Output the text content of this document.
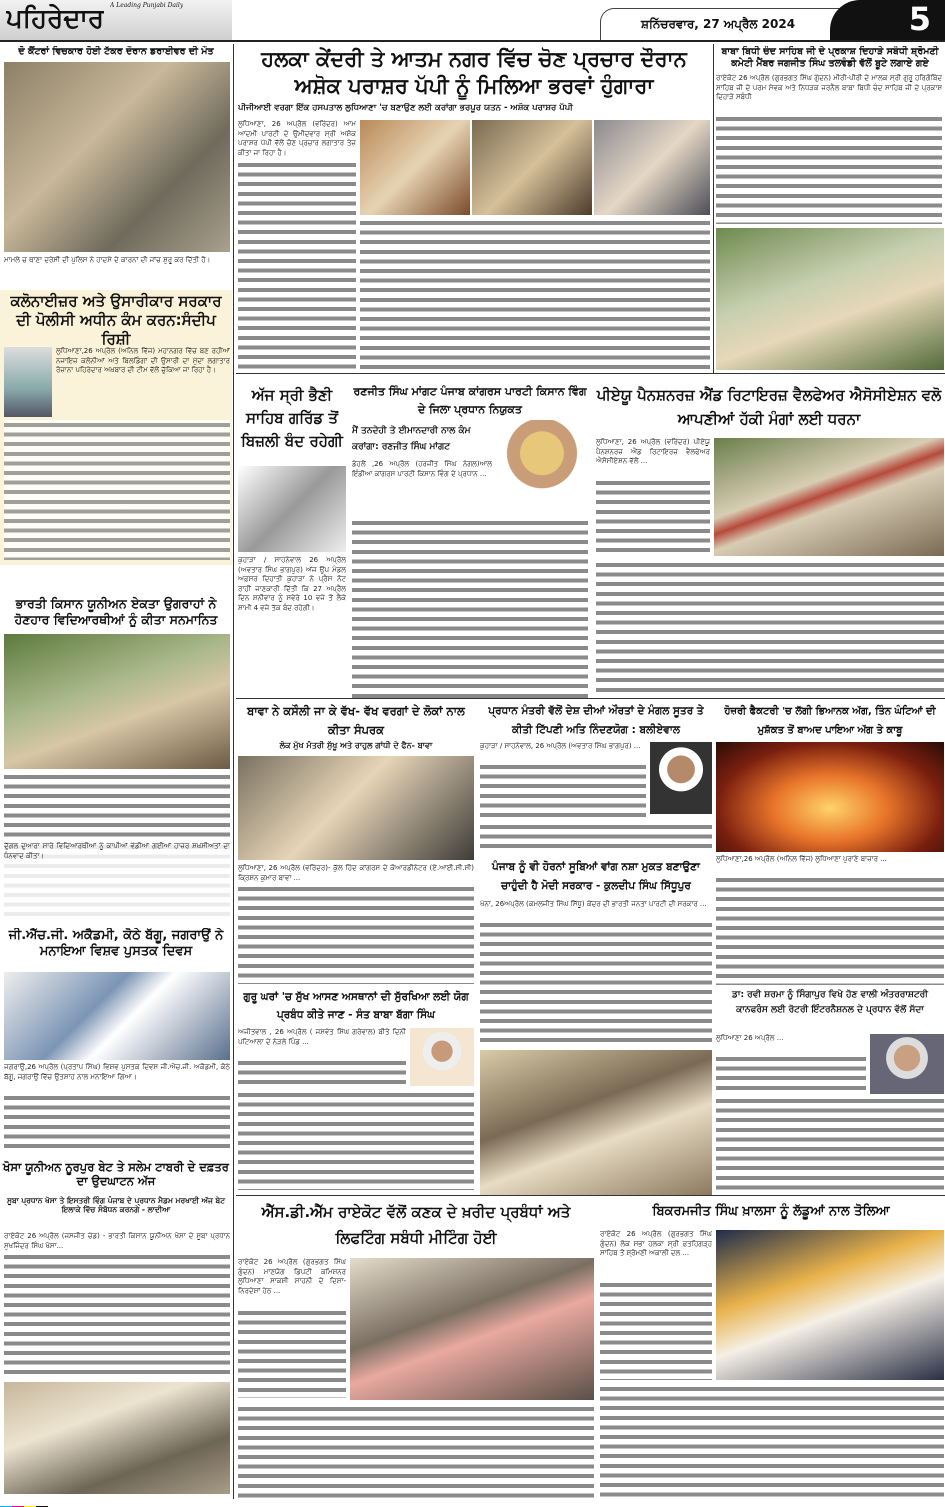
ਪਹਿਰੇਦਾਰ A Leading Punjabi Daily
ਸ਼ਨਿੱਚਰਵਾਰ, 27 ਅਪ੍ਰੈਲ 2024	5
ਦੋ ਕੈਂਟਰਾਂ ਵਿਚਕਾਰ ਹੋਈ ਟੱਕਰ ਦੌਰਾਨ ਡਰਾਈਵਰ ਦੀ ਮੌਤ
ਮਾਮਲੇ ਚ ਥਾਣਾ ਦਰੇਸੀ ਦੀ ਪੁਲਿਸ ਨੇ ਹਾਦਸੇ ਦੇ ਕਾਰਨਾਂ ਦੀ ਜਾਂਚ ਸ਼ੁਰੂ ਕਰ ਦਿੱਤੀ ਹੈ।
ਕਲੋਨਾਈਜ਼ਰ ਅਤੇ ਉਸਾਰੀਕਾਰ ਸਰਕਾਰ ਦੀ ਪੋਲੀਸੀ ਅਧੀਨ ਕੰਮ ਕਰਨ:ਸੰਦੀਪ ਰਿਸ਼ੀ
ਲੁਧਿਆਣਾ,26 ਅਪ੍ਰੈਲ (ਅਨਿਲ ਵਿੱਜ) ਮਹਾਨਗਰ ਵਿੱਚ ਬਣ ਰਹੀਆਂ ਨਜਾਇਜ਼ ਕਲੋਨੀਆਂ ਅਤੇ ਬਿਲਡਿੰਗਾਂ ਦੀ ਉਸਾਰੀ ਦਾ ਮੁੱਦਾ ਲਗਾਤਾਰ ਰੋਜ਼ਾਨਾ ਪਹਿਰੇਦਾਰ ਅਖ਼ਬਾਰ ਦੀ ਟੀਮ ਵੱਲੋਂ ਚੁੱਕਿਆ ਜਾ ਰਿਹਾ ਹੈ।
ਭਾਰਤੀ ਕਿਸਾਨ ਯੂਨੀਅਨ ਏਕਤਾ ਉਗਰਾਹਾਂ ਨੇ ਹੋਣਹਾਰ ਵਿਦਿਆਰਥੀਆਂ ਨੂੰ ਕੀਤਾ ਸਨਮਾਨਿਤ
ਦੁੱਗਲ ਦੁਆਰਾ ਸਾਰੇ ਵਿਦਿਆਰਥੀਆਂ ਨੂੰ ਕਾਪੀਆਂ ਵੰਡੀਆਂ ਗਈਆਂ ਹਾਜ਼ਰ ਸ਼ਖ਼ਸੀਅਤਾਂ ਦਾ ਧੰਨਵਾਦ ਕੀਤਾ।
ਜੀ.ਐੱਚ.ਜੀ. ਅਕੈਡਮੀ, ਕੋਠੇ ਬੱਗੂ, ਜਗਰਾਉਂ ਨੇ ਮਨਾਇਆ ਵਿਸ਼ਵ ਪੁਸਤਕ ਦਿਵਸ
ਜਗਰਾਉਂ,26 ਅਪ੍ਰੈਲ (ਪ੍ਰਤਾਪ ਸਿੰਘ) ਵਿਸ਼ਵ ਪੁਸਤਕ ਦਿਵਸ ਜੀ.ਐਚ.ਜੀ. ਅਕੈਡਮੀ, ਕੋਠੇ ਬੱਗੂ, ਜਗਰਾਉਂ ਵਿੱਚ ਉਤਸ਼ਾਹ ਨਾਲ ਮਨਾਇਆ ਗਿਆ।
ਖੋਸਾ ਯੂਨੀਅਨ ਨੂਰਪੁਰ ਬੇਟ ਤੇ ਸਲੇਮ ਟਾਬਰੀ ਦੇ ਦਫ਼ਤਰ ਦਾ ਉਦਘਾਟਨ ਅੱਜ
ਸੂਬਾ ਪ੍ਰਧਾਨ ਖੋਸਾ ਤੇ ਇਸਤਰੀ ਵਿੰਗ ਪੰਜਾਬ ਦੇ ਪ੍ਰਧਾਨ ਮੈਡਮ ਮਰਖਾਈ ਅੱਜ ਬੇਟ ਇਲਾਕੇ ਵਿੱਚ ਸੰਬੋਧਨ ਕਰਨਗੇ - ਲਾਦੀਆ
ਰਾਏਕੋਟ 26 ਅਪ੍ਰੈਲ (ਜਸਜੀਤ ਚੰਡ) - ਭਾਰਤੀ ਕਿਸਾਨ ਯੂਨੀਅਨ ਖੋਸਾ ਦੇ ਸੂਬਾ ਪ੍ਰਧਾਨ ਸੁਖਜਿੰਦਰ ਸਿੰਘ ਖੋਸਾ...
ਹਲਕਾ ਕੇਂਦਰੀ ਤੇ ਆਤਮ ਨਗਰ ਵਿੱਚ ਚੋਣ ਪ੍ਰਚਾਰ ਦੌਰਾਨ ਅਸ਼ੋਕ ਪਰਾਸ਼ਰ ਪੱਪੀ ਨੂੰ ਮਿਲਿਆ ਭਰਵਾਂ ਹੁੰਗਾਰਾ
ਪੀਜੀਆਈ ਵਰਗਾ ਇੱਕ ਹਸਪਤਾਲ ਲੁਧਿਆਣਾ 'ਚ ਬਣਾਉਣ ਲਈ ਕਰਾਂਗਾ ਭਰਪੂਰ ਯਤਨ - ਅਸ਼ੋਕ ਪਰਾਸ਼ਰ ਪੱਪੀ
ਲੁਧਿਆਣਾ, 26 ਅਪ੍ਰੈਲ (ਵਰਿੰਦਰ) ਆਮ ਆਦਮੀ ਪਾਰਟੀ ਦੇ ਉਮੀਦਵਾਰ ਸ੍ਰੀ ਅਸ਼ੋਕ ਪਰਾਸ਼ਰ ਪੱਪੀ ਵੱਲੋਂ ਚੋਣ ਪ੍ਰਚਾਰ ਲਗਾਤਾਰ ਤੇਜ਼ ਕੀਤਾ ਜਾ ਰਿਹਾ ਹੈ।
ਬਾਬਾ ਬਿਧੀ ਚੰਦ ਸਾਹਿਬ ਜੀ ਦੇ ਪ੍ਰਕਾਸ਼ ਦਿਹਾੜੇ ਸਬੰਧੀ ਸ਼੍ਰੋਮਣੀ ਕਮੇਟੀ ਮੈਂਬਰ ਜਗਜੀਤ ਸਿੰਘ ਤਲਵੰਡੀ ਵੱਲੋਂ ਬੂਟੇ ਲਗਾਏ ਗਏ
ਰਾਏਕੋਟ 26 ਅਪ੍ਰੈਲ (ਗੁਰਭਗਤ ਸਿੰਘ ਗੁੰਦਨ) ਮੀਰੀ-ਪੀਰੀ ਦੇ ਮਾਲਕ ਸ੍ਰੀ ਗੁਰੂ ਹਰਿਗੋਬਿੰਦ ਸਾਹਿਬ ਜੀ ਦੇ ਪਰਮ ਸੇਵਕ ਅਤੇ ਨਿਧੜਕ ਜਰਨੈਲ ਬਾਬਾ ਬਿਧੀ ਚੰਦ ਸਾਹਿਬ ਜੀ ਦੇ ਪ੍ਰਕਾਸ਼ ਦਿਹਾੜੇ ਸਬੰਧੀ
ਅੱਜ ਸ੍ਰੀ ਭੈਣੀ ਸਾਹਿਬ ਗਰਿੱਡ ਤੋਂ ਬਿਜ਼ਲੀ ਬੰਦ ਰਹੇਗੀ
ਕੁਹਾੜਾ / ਸਾਹਨੇਵਾਲ 26 ਅਪ੍ਰੈਲ (ਅਵਤਾਰ ਸਿੰਘ ਭਾਗਪੁਰ) ਅੱਜ ਉਪ ਮੰਡਲ ਅਫ਼ਸਰ ਦਿਹਾਤੀ ਕੁਹਾੜਾ ਨੇ ਪ੍ਰੈਸ ਨੋਟ ਰਾਹੀਂ ਜਾਣਕਾਰੀ ਦਿੱਤੀ ਕਿ 27 ਅਪ੍ਰੈਲ ਦਿਨ ਸ਼ਨੀਵਾਰ ਨੂੰ ਸਵੇਰੇ 10 ਵਜੇ ਤੋਂ ਲੈਕੇ ਸ਼ਾਮੀ 4 ਵਜੇ ਤੱਕ ਬੰਦ ਰਹੇਗੀ।
ਰਣਜੀਤ ਸਿੰਘ ਮਾਂਗਟ ਪੰਜਾਬ ਕਾਂਗਰਸ ਪਾਰਟੀ ਕਿਸਾਨ ਵਿੰਗ ਦੇ ਜਿਲਾ ਪ੍ਰਧਾਨ ਨਿਯੁਕਤ
ਮੈਂ ਤਨਦੇਹੀ ਤੇ ਈਮਾਨਦਾਰੀ ਨਾਲ ਕੰਮ ਕਰਾਂਗਾ: ਰਣਜੀਤ ਸਿੰਘ ਮਾਂਗਟ
ਡੇਹਲੋਂ ,26 ਅਪ੍ਰੈਲ (ਹਰਜੀਤ ਸਿੰਘ ਨੰਗਲ)ਆਲ ਇੰਡੀਆ ਕਾਂਗਰਸ ਪਾਰਟੀ ਕਿਸਾਨ ਵਿੰਗ ਦੇ ਪ੍ਰਧਾਨ ...
ਪੀਏਯੂ ਪੈਨਸ਼ਨਰਜ਼ ਐਂਡ ਰਿਟਾਇਰਜ਼ ਵੈਲਫੇਅਰ ਐਸੋਸੀਏਸ਼ਨ ਵਲੋ ਆਪਣੀਆਂ ਹੱਕੀ ਮੰਗਾਂ ਲਈ ਧਰਨਾ
ਲੁਧਿਆਣਾ, 26 ਅਪ੍ਰੈਲ (ਵਰਿੰਦਰ) ਪੀਏਯੂ ਪੈਨਸ਼ਨਰਜ਼ ਐਂਡ ਰਿਟਾਇਰਜ਼ ਵੈਲਫੇਅਰ ਐਸੋਸੀਏਸ਼ਨ ਵੱਲੋਂ ...
ਬਾਵਾ ਨੇ ਕਸੌਲੀ ਜਾ ਕੇ ਵੱਖ- ਵੱਖ ਵਰਗਾਂ ਦੇ ਲੋਕਾਂ ਨਾਲ ਕੀਤਾ ਸੰਪਰਕ
ਲੋਕ ਮੁੱਖ ਮੰਤਰੀ ਸੁੱਖੂ ਅਤੇ ਰਾਹੁਲ ਗਾਂਧੀ ਦੇ ਫੈਨ- ਬਾਵਾ
ਲੁਧਿਆਣਾ, 26 ਅਪ੍ਰੈਲ (ਵਰਿੰਦਰ)- ਕੁੱਲ ਹਿੰਦ ਕਾਂਗਰਸ ਦੇ ਕੋਆਰਡੀਨੇਟਰ (ਏ.ਆਈ.ਸੀ.ਸੀ) ਕ੍ਰਿਸ਼ਨ ਕੁਮਾਰ ਬਾਵਾ ...
ਗੁਰੂ ਘਰਾਂ 'ਚ ਸੁੱਖ ਆਸਣ ਅਸਥਾਨਾਂ ਦੀ ਸੁੱਰਖਿਆ ਲਈ ਯੋਗ ਪ੍ਰਬੰਧ ਕੀਤੇ ਜਾਣ - ਸੰਤ ਬਾਬਾ ਬੱਗਾ ਸਿੰਘ
ਅਜੀਤਵਾਲ , 26 ਅਪ੍ਰੈਲ ( ਜਸਵੰਤ ਸਿੰਘ ਗਰੇਵਾਲ) ਬੀਤੇ ਦਿਨੀ ਪਟਿਆਲਾ ਦੇ ਨੇੜਲੇ ਪਿੰਡ ...
ਪ੍ਰਧਾਨ ਮੰਤਰੀ ਵੱਲੋਂ ਦੇਸ਼ ਦੀਆਂ ਔਰਤਾਂ ਦੇ ਮੰਗਲ ਸੂਤਰ ਤੇ ਕੀਤੀ ਟਿੱਪਣੀ ਅਤਿ ਨਿੰਦਣਯੋਗ : ਬਲੀਏਵਾਲ
ਕੁਹਾੜਾ / ਸਾਹਨੇਵਾਲ, 26 ਅਪ੍ਰੈਲ (ਅਵਤਾਰ ਸਿੰਘ ਭਾਗਪੁਰ) ...
ਪੰਜਾਬ ਨੂੰ ਵੀ ਹੋਰਨਾਂ ਸੂਬਿਆਂ ਵਾਂਗ ਨਸ਼ਾ ਮੁਕਤ ਬਣਾਉਣਾ ਚਾਹੁੰਦੀ ਹੈ ਮੋਦੀ ਸਰਕਾਰ - ਕੁਲਦੀਪ ਸਿੰਘ ਸਿੱਧੂਪੁਰ
ਖੰਨਾ, 26ਅਪ੍ਰੈਲ (ਕਮਲਜੀਤ ਸਿੰਘ ਸਿੱਧੂ) ਕੇਂਦਰ ਦੀ ਭਾਰਤੀ ਜਨਤਾ ਪਾਰਟੀ ਦੀ ਸਰਕਾਰ ...
ਹੋਜ਼ਰੀ ਫੈਕਟਰੀ 'ਚ ਲੱਗੀ ਭਿਆਨਕ ਅੱਗ, ਤਿੰਨ ਘੰਟਿਆਂ ਦੀ ਮੁਸ਼ੱਕਤ ਤੋਂ ਬਾਅਦ ਪਾਇਆ ਅੱਗ ਤੇ ਕਾਬੂ
ਲੁਧਿਆਣਾ,26 ਅਪ੍ਰੈਲ (ਅਨਿਲ ਵਿੱਜ) ਲੁਧਿਆਣਾ ਪੁਰਾਣੇ ਬਾਜ਼ਾਰ ...
ਡਾ: ਰਵੀ ਸ਼ਰਮਾ ਨੂੰ ਸਿੰਗਾਪੁਰ ਵਿਖੇ ਹੋਣ ਵਾਲੀ ਅੰਤਰਰਾਸ਼ਟਰੀ ਕਾਨਫਰੰਸ ਲਈ ਰੋਟਰੀ ਇੰਟਰਨੈਸ਼ਨਲ ਦੇ ਪ੍ਰਧਾਨ ਵੱਲੋਂ ਸੱਦਾ
ਲੁਧਿਆਣਾ 26 ਅਪ੍ਰੈਲ ...
ਐੱਸ.ਡੀ.ਐੱਮ ਰਾਏਕੋਟ ਵੱਲੋਂ ਕਣਕ ਦੇ ਖ਼ਰੀਦ ਪ੍ਰਬੰਧਾਂ ਅਤੇ ਲਿਫਟਿੰਗ ਸਬੰਧੀ ਮੀਟਿੰਗ ਹੋਈ
ਰਾਏਕੋਟ 26 ਅਪ੍ਰੈਲ (ਗੁਰਭਗਤ ਸਿੰਘ ਗੁੰਦਨ) ਮਾਣਯੋਗ ਡਿਪਟੀ ਕਮਿਸ਼ਨਰ ਲੁਧਿਆਣਾ ਸਾਕਸ਼ੀ ਸਾਹਨੀ ਦੇ ਦਿਸ਼ਾ-ਨਿਰਦੇਸ਼ਾਂ ਹੇਠ ...
ਬਿਕਰਮਜੀਤ ਸਿੰਘ ਖ਼ਾਲਸਾ ਨੂੰ ਲੱਡੂਆਂ ਨਾਲ ਤੋਲਿਆ
ਰਾਏਕੋਟ 26 ਅਪ੍ਰੈਲ (ਗੁਰਭਗਤ ਸਿੰਘ ਗੁੰਦਨ) ਲੋਕ ਸਭਾ ਹਲਕਾ ਸ੍ਰੀ ਫ਼ਤਹਿਗੜ੍ਹ ਸਾਹਿਬ ਤੋਂ ਸ਼੍ਰੋਮਣੀ ਅਕਾਲੀ ਦਲ ...
